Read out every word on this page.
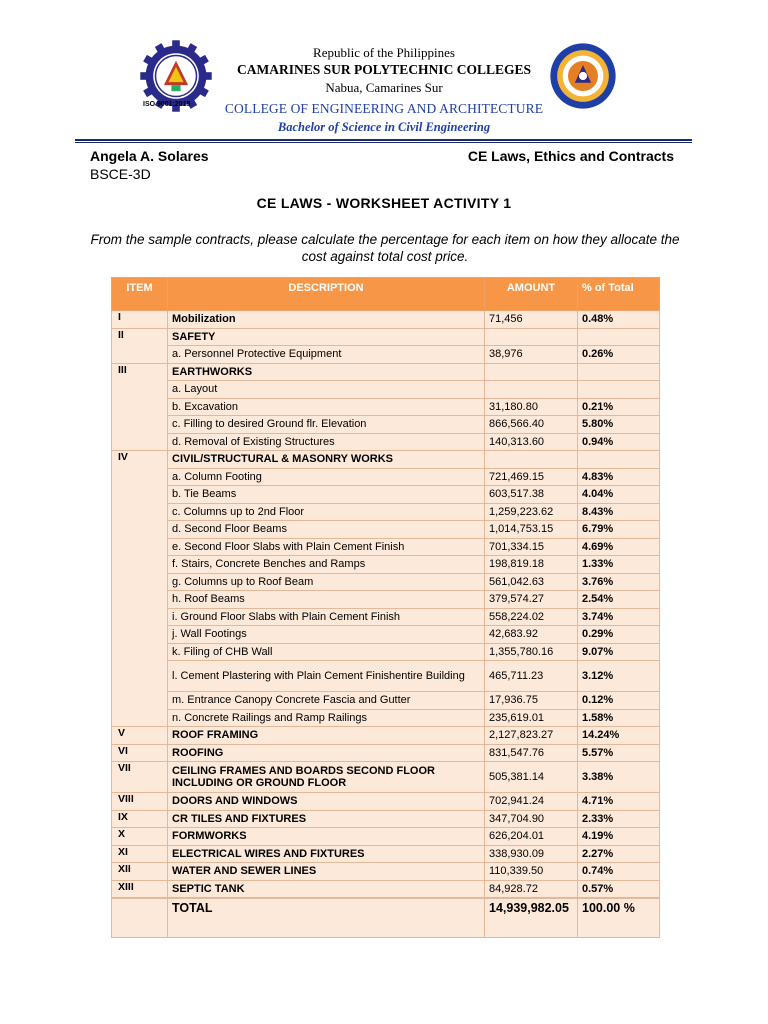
ISO 9001:2015
Republic of the Philippines
CAMARINES SUR POLYTECHNIC COLLEGES
Nabua, Camarines Sur
COLLEGE OF ENGINEERING AND ARCHITECTURE
Bachelor of Science in Civil Engineering
Angela A. Solares
BSCE-3D
CE Laws, Ethics and Contracts
CE LAWS - WORKSHEET ACTIVITY 1
From the sample contracts, please calculate the percentage for each item on how they allocate the cost against total cost price.
ITEM	DESCRIPTION	AMOUNT	% of Total
I	Mobilization	71,456	0.48%
II	SAFETY		
	a. Personnel Protective Equipment	38,976	0.26%
III	EARTHWORKS		
	a. Layout		
	b. Excavation	31,180.80	0.21%
	c. Filling to desired Ground flr. Elevation	866,566.40	5.80%
	d. Removal of Existing Structures	140,313.60	0.94%
IV	CIVIL/STRUCTURAL & MASONRY WORKS		
	a. Column Footing	721,469.15	4.83%
	b. Tie Beams	603,517.38	4.04%
	c. Columns up to 2nd Floor	1,259,223.62	8.43%
	d. Second Floor Beams	1,014,753.15	6.79%
	e. Second Floor Slabs with Plain Cement Finish	701,334.15	4.69%
	f. Stairs, Concrete Benches and Ramps	198,819.18	1.33%
	g. Columns up to Roof Beam	561,042.63	3.76%
	h. Roof Beams	379,574.27	2.54%
	i. Ground Floor Slabs with Plain Cement Finish	558,224.02	3.74%
	j. Wall Footings	42,683.92	0.29%
	k. Filing of CHB Wall	1,355,780.16	9.07%
	l. Cement Plastering with Plain Cement Finishentire Building	465,711.23	3.12%
	m. Entrance Canopy Concrete Fascia and Gutter	17,936.75	0.12%
	n. Concrete Railings and Ramp Railings	235,619.01	1.58%
V	ROOF FRAMING	2,127,823.27	14.24%
VI	ROOFING	831,547.76	5.57%
VII	CEILING FRAMES AND BOARDS SECOND FLOOR INCLUDING OR GROUND FLOOR	505,381.14	3.38%
VIII	DOORS AND WINDOWS	702,941.24	4.71%
IX	CR TILES AND FIXTURES	347,704.90	2.33%
X	FORMWORKS	626,204.01	4.19%
XI	ELECTRICAL WIRES AND FIXTURES	338,930.09	2.27%
XII	WATER AND SEWER LINES	110,339.50	0.74%
XIII	SEPTIC TANK	84,928.72	0.57%
	TOTAL	14,939,982.05	100.00 %
